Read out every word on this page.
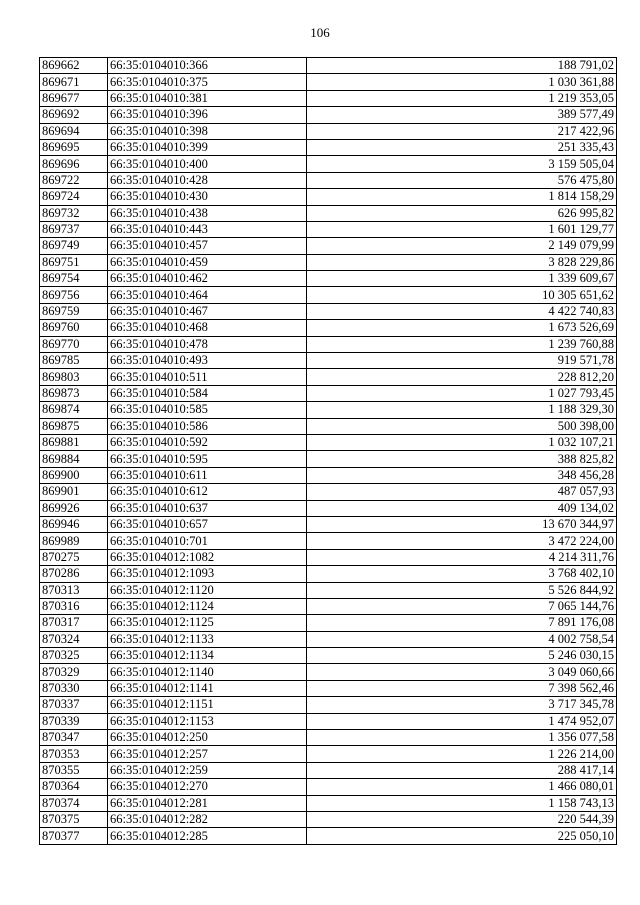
106
869662	66:35:0104010:366	188 791,02
869671	66:35:0104010:375	1 030 361,88
869677	66:35:0104010:381	1 219 353,05
869692	66:35:0104010:396	389 577,49
869694	66:35:0104010:398	217 422,96
869695	66:35:0104010:399	251 335,43
869696	66:35:0104010:400	3 159 505,04
869722	66:35:0104010:428	576 475,80
869724	66:35:0104010:430	1 814 158,29
869732	66:35:0104010:438	626 995,82
869737	66:35:0104010:443	1 601 129,77
869749	66:35:0104010:457	2 149 079,99
869751	66:35:0104010:459	3 828 229,86
869754	66:35:0104010:462	1 339 609,67
869756	66:35:0104010:464	10 305 651,62
869759	66:35:0104010:467	4 422 740,83
869760	66:35:0104010:468	1 673 526,69
869770	66:35:0104010:478	1 239 760,88
869785	66:35:0104010:493	919 571,78
869803	66:35:0104010:511	228 812,20
869873	66:35:0104010:584	1 027 793,45
869874	66:35:0104010:585	1 188 329,30
869875	66:35:0104010:586	500 398,00
869881	66:35:0104010:592	1 032 107,21
869884	66:35:0104010:595	388 825,82
869900	66:35:0104010:611	348 456,28
869901	66:35:0104010:612	487 057,93
869926	66:35:0104010:637	409 134,02
869946	66:35:0104010:657	13 670 344,97
869989	66:35:0104010:701	3 472 224,00
870275	66:35:0104012:1082	4 214 311,76
870286	66:35:0104012:1093	3 768 402,10
870313	66:35:0104012:1120	5 526 844,92
870316	66:35:0104012:1124	7 065 144,76
870317	66:35:0104012:1125	7 891 176,08
870324	66:35:0104012:1133	4 002 758,54
870325	66:35:0104012:1134	5 246 030,15
870329	66:35:0104012:1140	3 049 060,66
870330	66:35:0104012:1141	7 398 562,46
870337	66:35:0104012:1151	3 717 345,78
870339	66:35:0104012:1153	1 474 952,07
870347	66:35:0104012:250	1 356 077,58
870353	66:35:0104012:257	1 226 214,00
870355	66:35:0104012:259	288 417,14
870364	66:35:0104012:270	1 466 080,01
870374	66:35:0104012:281	1 158 743,13
870375	66:35:0104012:282	220 544,39
870377	66:35:0104012:285	225 050,10
